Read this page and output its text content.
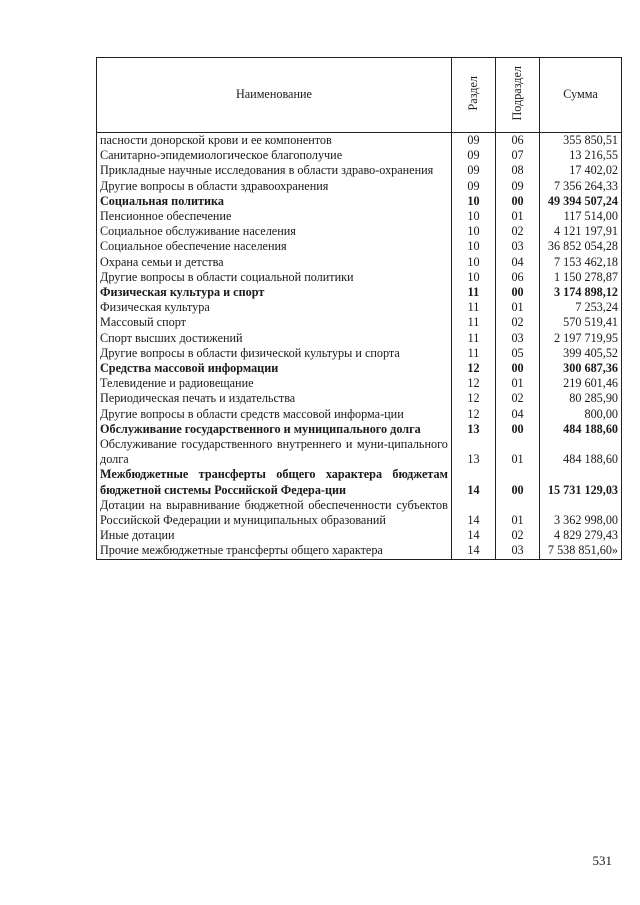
Наименование	Раздел	Подраздел	Сумма
пасности донорской крови и ее компонентов	09	06	355 850,51
Санитарно-эпидемиологическое благополучие	09	07	13 216,55
Прикладные научные исследования в области здраво-охранения	09	08	17 402,02
Другие вопросы в области здравоохранения	09	09	7 356 264,33
Социальная политика	10	00	49 394 507,24
Пенсионное обеспечение	10	01	117 514,00
Социальное обслуживание населения	10	02	4 121 197,91
Социальное обеспечение населения	10	03	36 852 054,28
Охрана семьи и детства	10	04	7 153 462,18
Другие вопросы в области социальной политики	10	06	1 150 278,87
Физическая культура и спорт	11	00	3 174 898,12
Физическая культура	11	01	7 253,24
Массовый спорт	11	02	570 519,41
Спорт высших достижений	11	03	2 197 719,95
Другие вопросы в области физической культуры и спорта	11	05	399 405,52
Средства массовой информации	12	00	300 687,36
Телевидение и радиовещание	12	01	219 601,46
Периодическая печать и издательства	12	02	80 285,90
Другие вопросы в области средств массовой информа-ции	12	04	800,00
Обслуживание государственного и муниципального долга	13	00	484 188,60
Обслуживание государственного внутреннего и муни-ципального долга	13	01	484 188,60
Межбюджетные трансферты общего характера бюджетам бюджетной системы Российской Федера-ции	14	00	15 731 129,03
Дотации на выравнивание бюджетной обеспеченности субъектов Российской Федерации и муниципальных образований	14	01	3 362 998,00
Иные дотации	14	02	4 829 279,43
Прочие межбюджетные трансферты общего характера	14	03	7 538 851,60»
531
